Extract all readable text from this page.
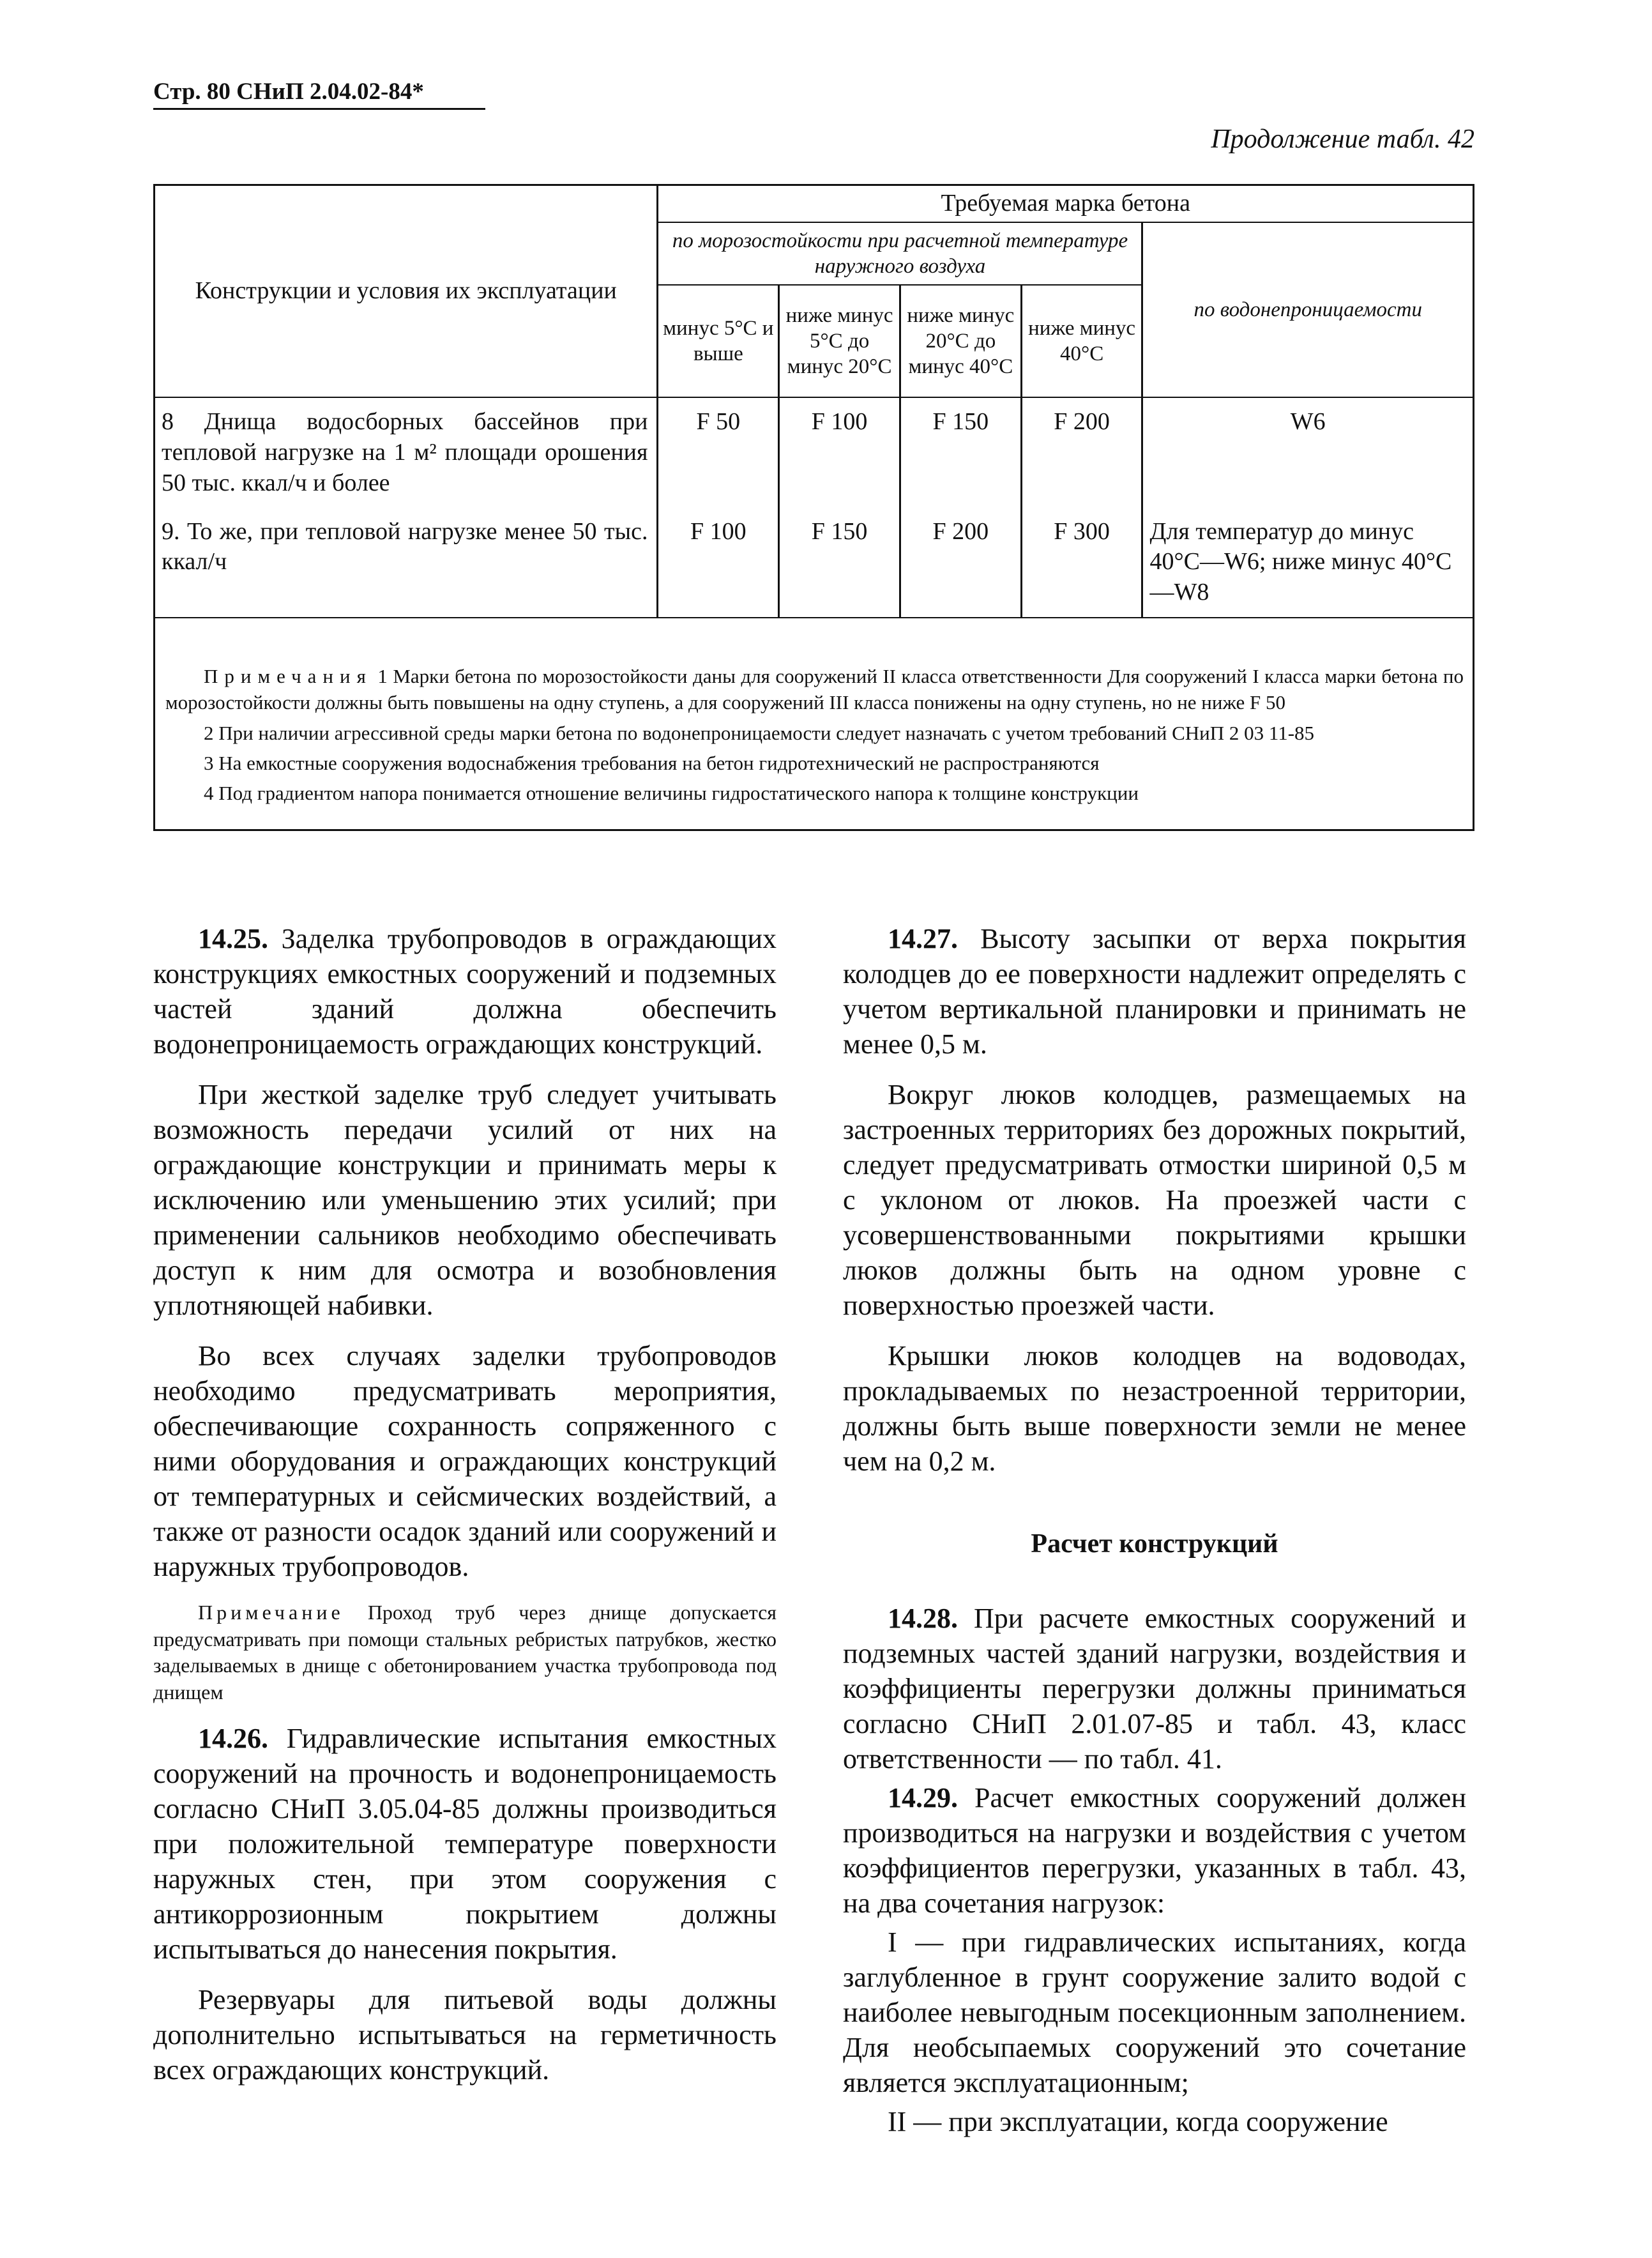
Стр. 80 СНиП 2.04.02-84*
Продолжение табл. 42
Конструкции и условия их эксплуатации	Требуемая марка бетона				
	по морозостойкости при расчетной температуре наружного воздуха				по водонепроницаемости
	минус 5°С и выше	ниже минус 5°С до минус 20°С	ниже минус 20°С до минус 40°С	ниже минус 40°С	
8 Днища водосборных бассейнов при тепловой нагрузке на 1 м² площади орошения 50 тыс. ккал/ч и более	F 50	F 100	F 150	F 200	W6
9. То же, при тепловой нагрузке менее 50 тыс. ккал/ч	F 100	F 150	F 200	F 300	Для температур до минус 40°С—W6; ниже минус 40°С—W8

Примечания 1 Марки бетона по морозостойкости даны для сооружений II класса ответственности Для сооружений I класса марки бетона по морозостойкости должны быть повышены на одну ступень, а для сооружений III класса понижены на одну ступень, но не ниже F 50

2 При наличии агрессивной среды марки бетона по водонепроницаемости следует назначать с учетом требований СНиП 2 03 11-85

3 На емкостные сооружения водоснабжения требования на бетон гидротехнический не распространяются

4 Под градиентом напора понимается отношение величины гидростатического напора к толщине конструкции					

14.25. Заделка трубопроводов в ограждающих конструкциях емкостных сооружений и подземных частей зданий должна обеспечить водонепроницаемость ограждающих конструкций.

При жесткой заделке труб следует учитывать возможность передачи усилий от них на ограждающие конструкции и принимать меры к исключению или уменьшению этих усилий; при применении сальников необходимо обеспечивать доступ к ним для осмотра и возобновления уплотняющей набивки.

Во всех случаях заделки трубопроводов необходимо предусматривать мероприятия, обеспечивающие сохранность сопряженного с ними оборудования и ограждающих конструкций от температурных и сейсмических воздействий, а также от разности осадок зданий или сооружений и наружных трубопроводов.

Примечание Проход труб через днище допускается предусматривать при помощи стальных ребристых патрубков, жестко заделываемых в днище с обетонированием участка трубопровода под днищем

14.26. Гидравлические испытания емкостных сооружений на прочность и водонепроницаемость согласно СНиП 3.05.04-85 должны производиться при положительной температуре поверхности наружных стен, при этом сооружения с антикоррозионным покрытием должны испытываться до нанесения покрытия.

Резервуары для питьевой воды должны дополнительно испытываться на герметичность всех ограждающих конструкций.

14.27. Высоту засыпки от верха покрытия колодцев до ее поверхности надлежит определять с учетом вертикальной планировки и принимать не менее 0,5 м.

Вокруг люков колодцев, размещаемых на застроенных территориях без дорожных покрытий, следует предусматривать отмостки шириной 0,5 м с уклоном от люков. На проезжей части с усовершенствованными покрытиями крышки люков должны быть на одном уровне с поверхностью проезжей части.

Крышки люков колодцев на водоводах, прокладываемых по незастроенной территории, должны быть выше поверхности земли не менее чем на 0,2 м.

Расчет конструкций

14.28. При расчете емкостных сооружений и подземных частей зданий нагрузки, воздействия и коэффициенты перегрузки должны приниматься согласно СНиП 2.01.07-85 и табл. 43, класс ответственности — по табл. 41.

14.29. Расчет емкостных сооружений должен производиться на нагрузки и воздействия с учетом коэффициентов перегрузки, указанных в табл. 43, на два сочетания нагрузок:

I — при гидравлических испытаниях, когда заглубленное в грунт сооружение залито водой с наиболее невыгодным посекционным заполнением. Для необсыпаемых сооружений это сочетание является эксплуатационным;

II — при эксплуатации, когда сооружение
